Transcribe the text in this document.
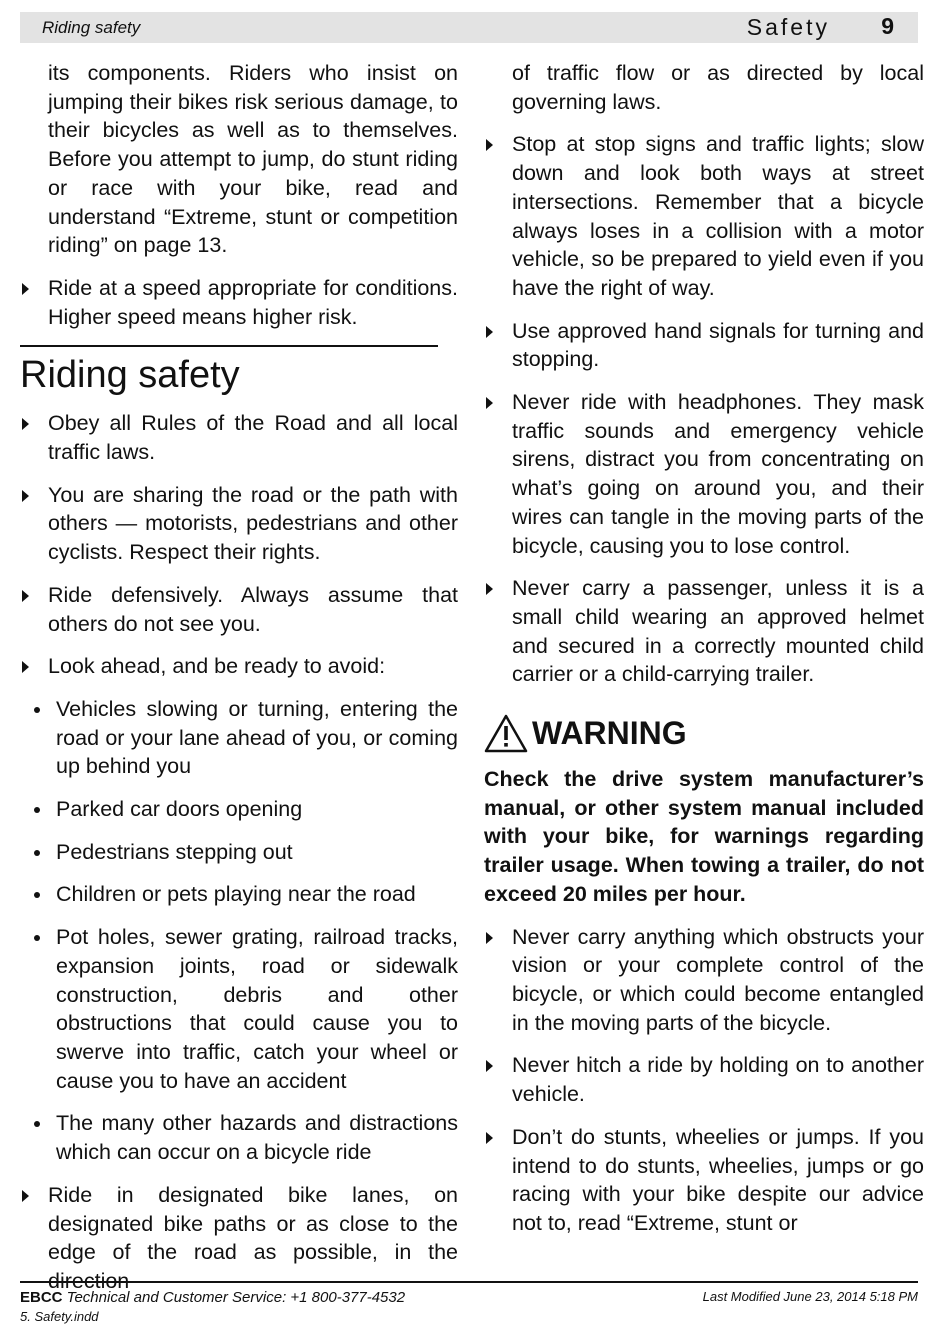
Riding safety	Safety 9

its components. Riders who insist on jumping their bikes risk serious damage, to their bicycles as well as to themselves. Before you attempt to jump, do stunt riding or race with your bike, read and understand “Extreme, stunt or competition riding” on page 13.

Ride at a speed appropriate for conditions. Higher speed means higher risk.
Riding safety
Obey all Rules of the Road and all local traffic laws.
You are sharing the road or the path with others — motorists, pedestrians and other cyclists. Respect their rights.
Ride defensively. Always assume that others do not see you.
Look ahead, and be ready to avoid:
Vehicles slowing or turning, entering the road or your lane ahead of you, or coming up behind you
Parked car doors opening
Pedestrians stepping out
Children or pets playing near the road
Pot holes, sewer grating, railroad tracks, expansion joints, road or sidewalk construction, debris and other obstructions that could cause you to swerve into traffic, catch your wheel or cause you to have an accident
The many other hazards and distractions which can occur on a bicycle ride
Ride in designated bike lanes, on designated bike paths or as close to the edge of the road as possible, in the direction

of traffic flow or as directed by local governing laws.

Stop at stop signs and traffic lights; slow down and look both ways at street intersections. Remember that a bicycle always loses in a collision with a motor vehicle, so be prepared to yield even if you have the right of way.
Use approved hand signals for turning and stopping.
Never ride with headphones. They mask traffic sounds and emergency vehicle sirens, distract you from concentrating on what’s going on around you, and their wires can tangle in the moving parts of the bicycle, causing you to lose control.
Never carry a passenger, unless it is a small child wearing an approved helmet and secured in a correctly mounted child carrier or a child-carrying trailer.
WARNING

Check the drive system manufacturer’s manual, or other system manual included with your bike, for warnings regarding trailer usage. When towing a trailer, do not exceed 20 miles per hour.

Never carry anything which obstructs your vision or your complete control of the bicycle, or which could become entangled in the moving parts of the bicycle.
Never hitch a ride by holding on to another vehicle.
Don’t do stunts, wheelies or jumps. If you intend to do stunts, wheelies, jumps or go racing with your bike despite our advice not to, read “Extreme, stunt or
EBCC Technical and Customer Service: +1 800-377-4532
5. Safety.indd
Last Modified June 23, 2014 5:18 PM
